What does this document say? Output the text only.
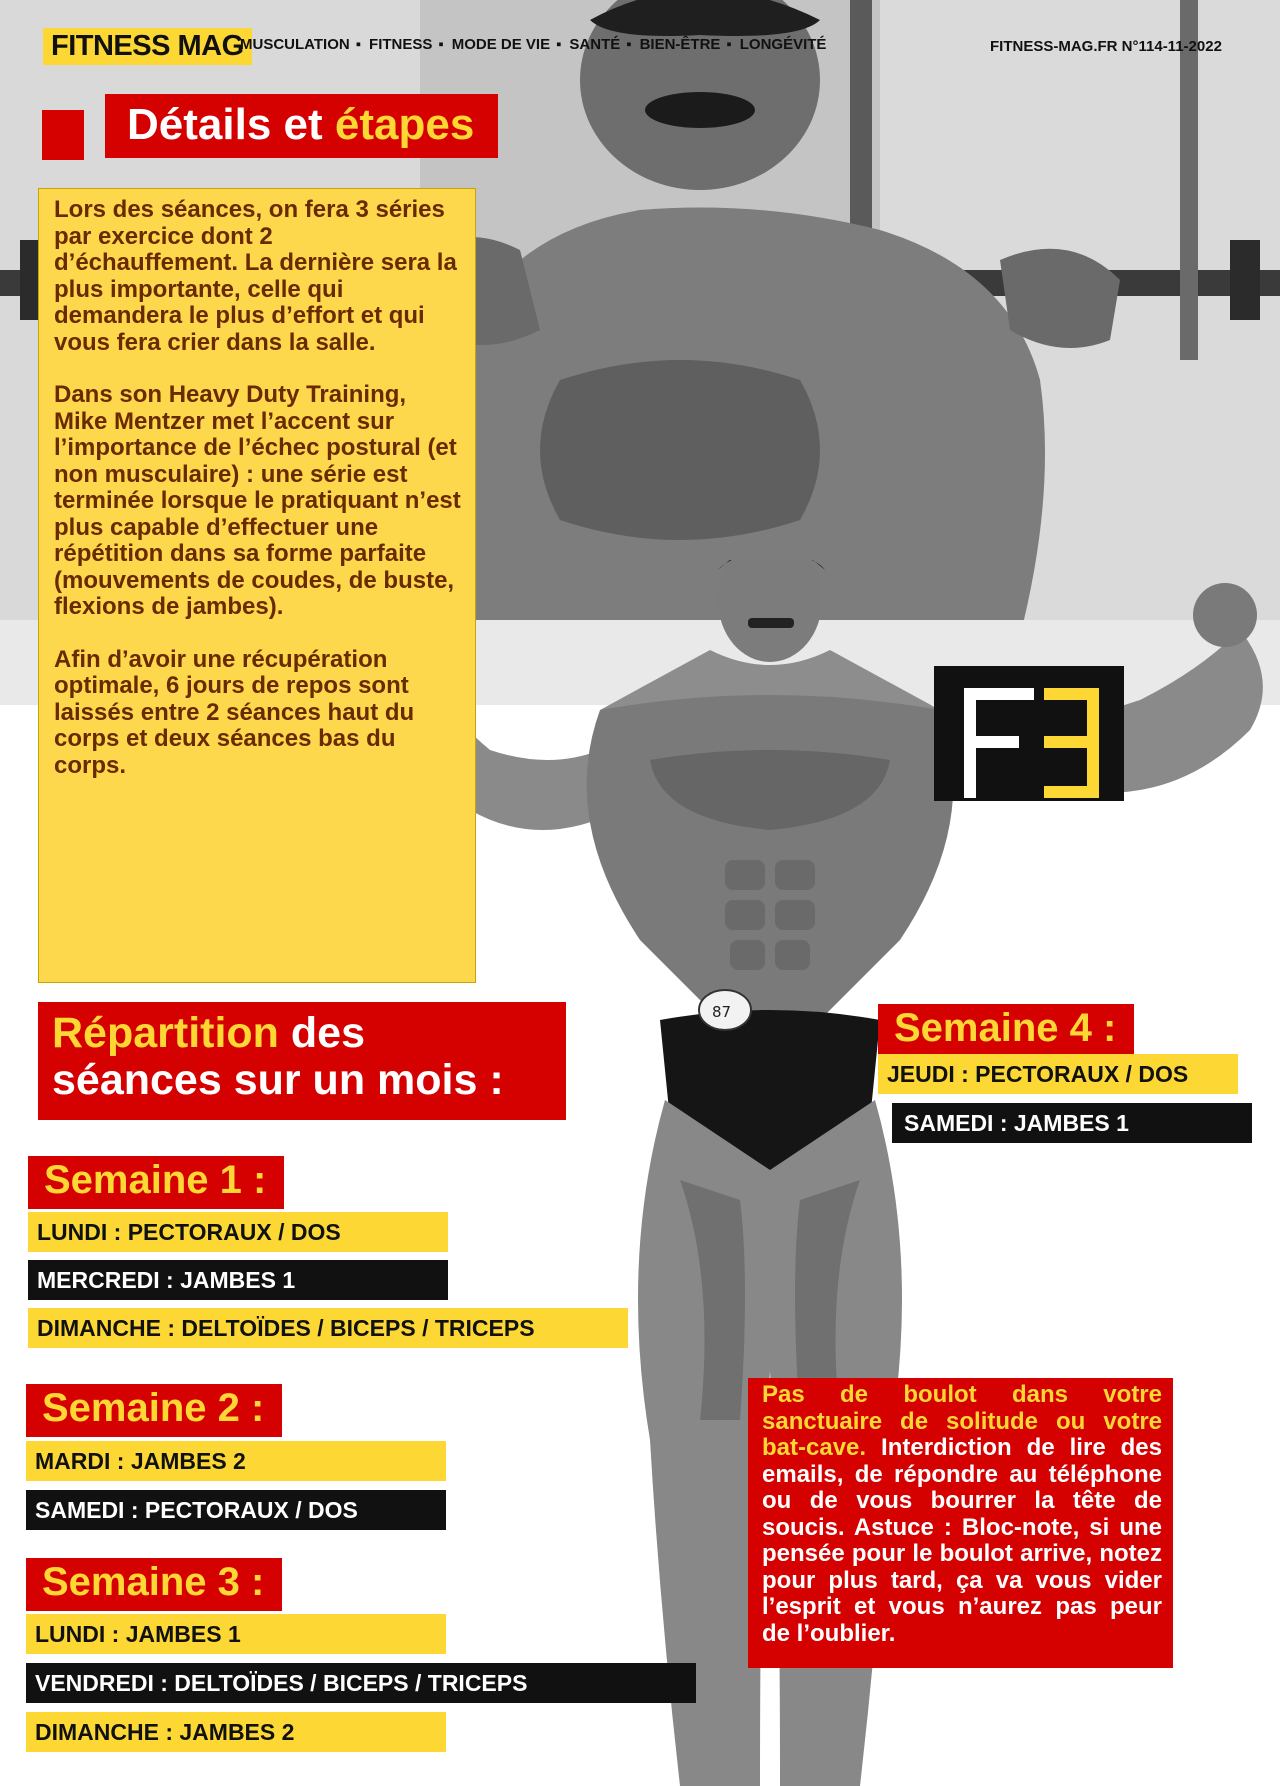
FITNESS MAG
MUSCULATION ▪ FITNESS ▪ MODE DE VIE ▪ SANTÉ ▪ BIEN-ÊTRE ▪ LONGÉVITÉ	FITNESS-MAG.FR N°114-11-2022
Détails et étapes
87
© FITNESS-MAG.FR

Lors des séances, on fera 3 séries par exercice dont 2 d’échauffement. La dernière sera la plus importante, celle qui demandera le plus d’effort et qui vous fera crier dans la salle.

Dans son Heavy Duty Training, Mike Mentzer met l’accent sur l’importance de l’échec postural (et non musculaire) : une série est terminée lorsque le pratiquant n’est plus capable d’effectuer une répétition dans sa forme parfaite (mouvements de coudes, de buste, flexions de jambes).

Afin d’avoir une récupération optimale, 6 jours de repos sont laissés entre 2 séances haut du corps et deux séances bas du corps.

Répartition des
séances sur un mois :
Semaine 1 :
LUNDI : PECTORAUX / DOS
MERCREDI : JAMBES 1
DIMANCHE : DELTOÏDES / BICEPS / TRICEPS
Semaine 2 :
MARDI : JAMBES 2
SAMEDI : PECTORAUX / DOS
Semaine 3 :
LUNDI : JAMBES 1
VENDREDI : DELTOÏDES / BICEPS / TRICEPS
DIMANCHE : JAMBES 2
Semaine 4 :
JEUDI : PECTORAUX / DOS
SAMEDI : JAMBES 1
Pas de boulot dans votre sanctuaire de solitude ou votre bat-cave. Interdiction de lire des emails, de répondre au téléphone ou de vous bourrer la tête de soucis. Astuce : Bloc-note, si une pensée pour le boulot arrive, notez pour plus tard, ça va vous vider l’esprit et vous n’aurez pas peur de l’oublier.
